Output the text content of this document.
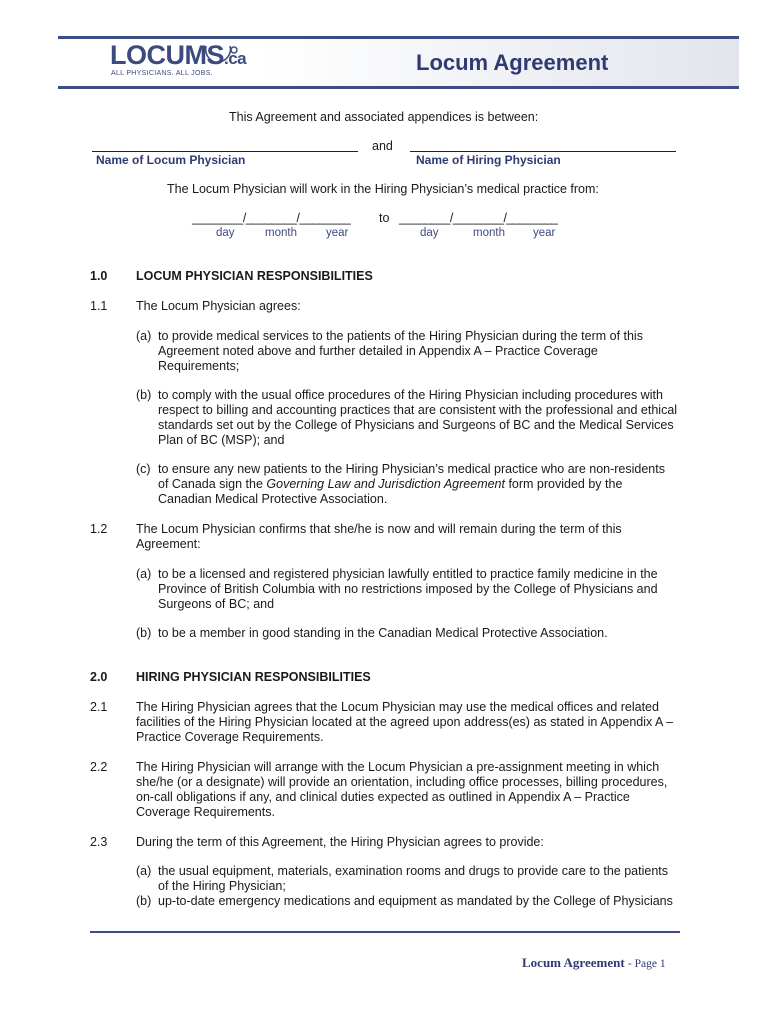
LOCUMS.ca
ALL PHYSICIANS. ALL JOBS.	Locum Agreement
This Agreement and associated appendices is between:
and
Name of Locum Physician	Name of Hiring Physician
The Locum Physician will work in the Hiring Physician’s medical practice from:
________/________/________ to ________/________/________
day	month	year	day	month year
1.0 LOCUM PHYSICIAN RESPONSIBILITIES
1.1 The Locum Physician agrees:
(a) to provide medical services to the patients of the Hiring Physician during the term of this Agreement noted above and further detailed in Appendix A – Practice Coverage Requirements;
(b) to comply with the usual office procedures of the Hiring Physician including procedures with respect to billing and accounting practices that are consistent with the professional and ethical standards set out by the College of Physicians and Surgeons of BC and the Medical Services Plan of BC (MSP); and
(c) to ensure any new patients to the Hiring Physician’s medical practice who are non-residents of Canada sign the Governing Law and Jurisdiction Agreement form provided by the Canadian Medical Protective Association.
1.2 The Locum Physician confirms that she/he is now and will remain during the term of this Agreement:
(a) to be a licensed and registered physician lawfully entitled to practice family medicine in the Province of British Columbia with no restrictions imposed by the College of Physicians and Surgeons of BC; and
(b) to be a member in good standing in the Canadian Medical Protective Association.
2.0 HIRING PHYSICIAN RESPONSIBILITIES
2.1 The Hiring Physician agrees that the Locum Physician may use the medical offices and related facilities of the Hiring Physician located at the agreed upon address(es) as stated in Appendix A – Practice Coverage Requirements.
2.2 The Hiring Physician will arrange with the Locum Physician a pre-assignment meeting in which she/he (or a designate) will provide an orientation, including office processes, billing procedures, on-call obligations if any, and clinical duties expected as outlined in Appendix A – Practice Coverage Requirements.
2.3 During the term of this Agreement, the Hiring Physician agrees to provide:
(a) the usual equipment, materials, examination rooms and drugs to provide care to the patients of the Hiring Physician;
(b) up-to-date emergency medications and equipment as mandated by the College of Physicians
Locum Agreement - Page 1
